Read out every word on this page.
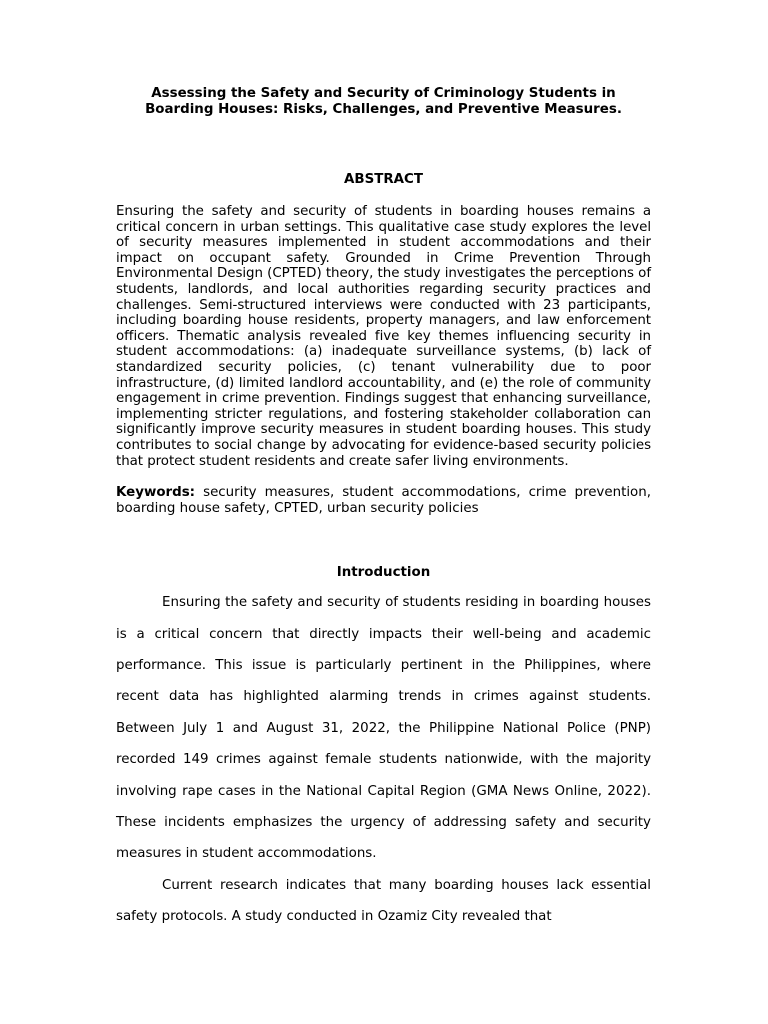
Assessing the Safety and Security of Criminology Students in Boarding Houses: Risks, Challenges, and Preventive Measures.

ABSTRACT

Ensuring the safety and security of students in boarding houses remains a critical concern in urban settings. This qualitative case study explores the level of security measures implemented in student accommodations and their impact on occupant safety. Grounded in Crime Prevention Through Environmental Design (CPTED) theory, the study investigates the perceptions of students, landlords, and local authorities regarding security practices and challenges. Semi-structured interviews were conducted with 23 participants, including boarding house residents, property managers, and law enforcement officers. Thematic analysis revealed five key themes influencing security in student accommodations: (a) inadequate surveillance systems, (b) lack of standardized security policies, (c) tenant vulnerability due to poor infrastructure, (d) limited landlord accountability, and (e) the role of community engagement in crime prevention. Findings suggest that enhancing surveillance, implementing stricter regulations, and fostering stakeholder collaboration can significantly improve security measures in student boarding houses. This study contributes to social change by advocating for evidence-based security policies that protect student residents and create safer living environments.

Keywords: security measures, student accommodations, crime prevention, boarding house safety, CPTED, urban security policies

Introduction

Ensuring the safety and security of students residing in boarding houses is a critical concern that directly impacts their well-being and academic performance. This issue is particularly pertinent in the Philippines, where recent data has highlighted alarming trends in crimes against students. Between July 1 and August 31, 2022, the Philippine National Police (PNP) recorded 149 crimes against female students nationwide, with the majority involving rape cases in the National Capital Region (GMA News Online, 2022). These incidents emphasizes the urgency of addressing safety and security measures in student accommodations.

Current research indicates that many boarding houses lack essential safety protocols. A study conducted in Ozamiz City revealed that
